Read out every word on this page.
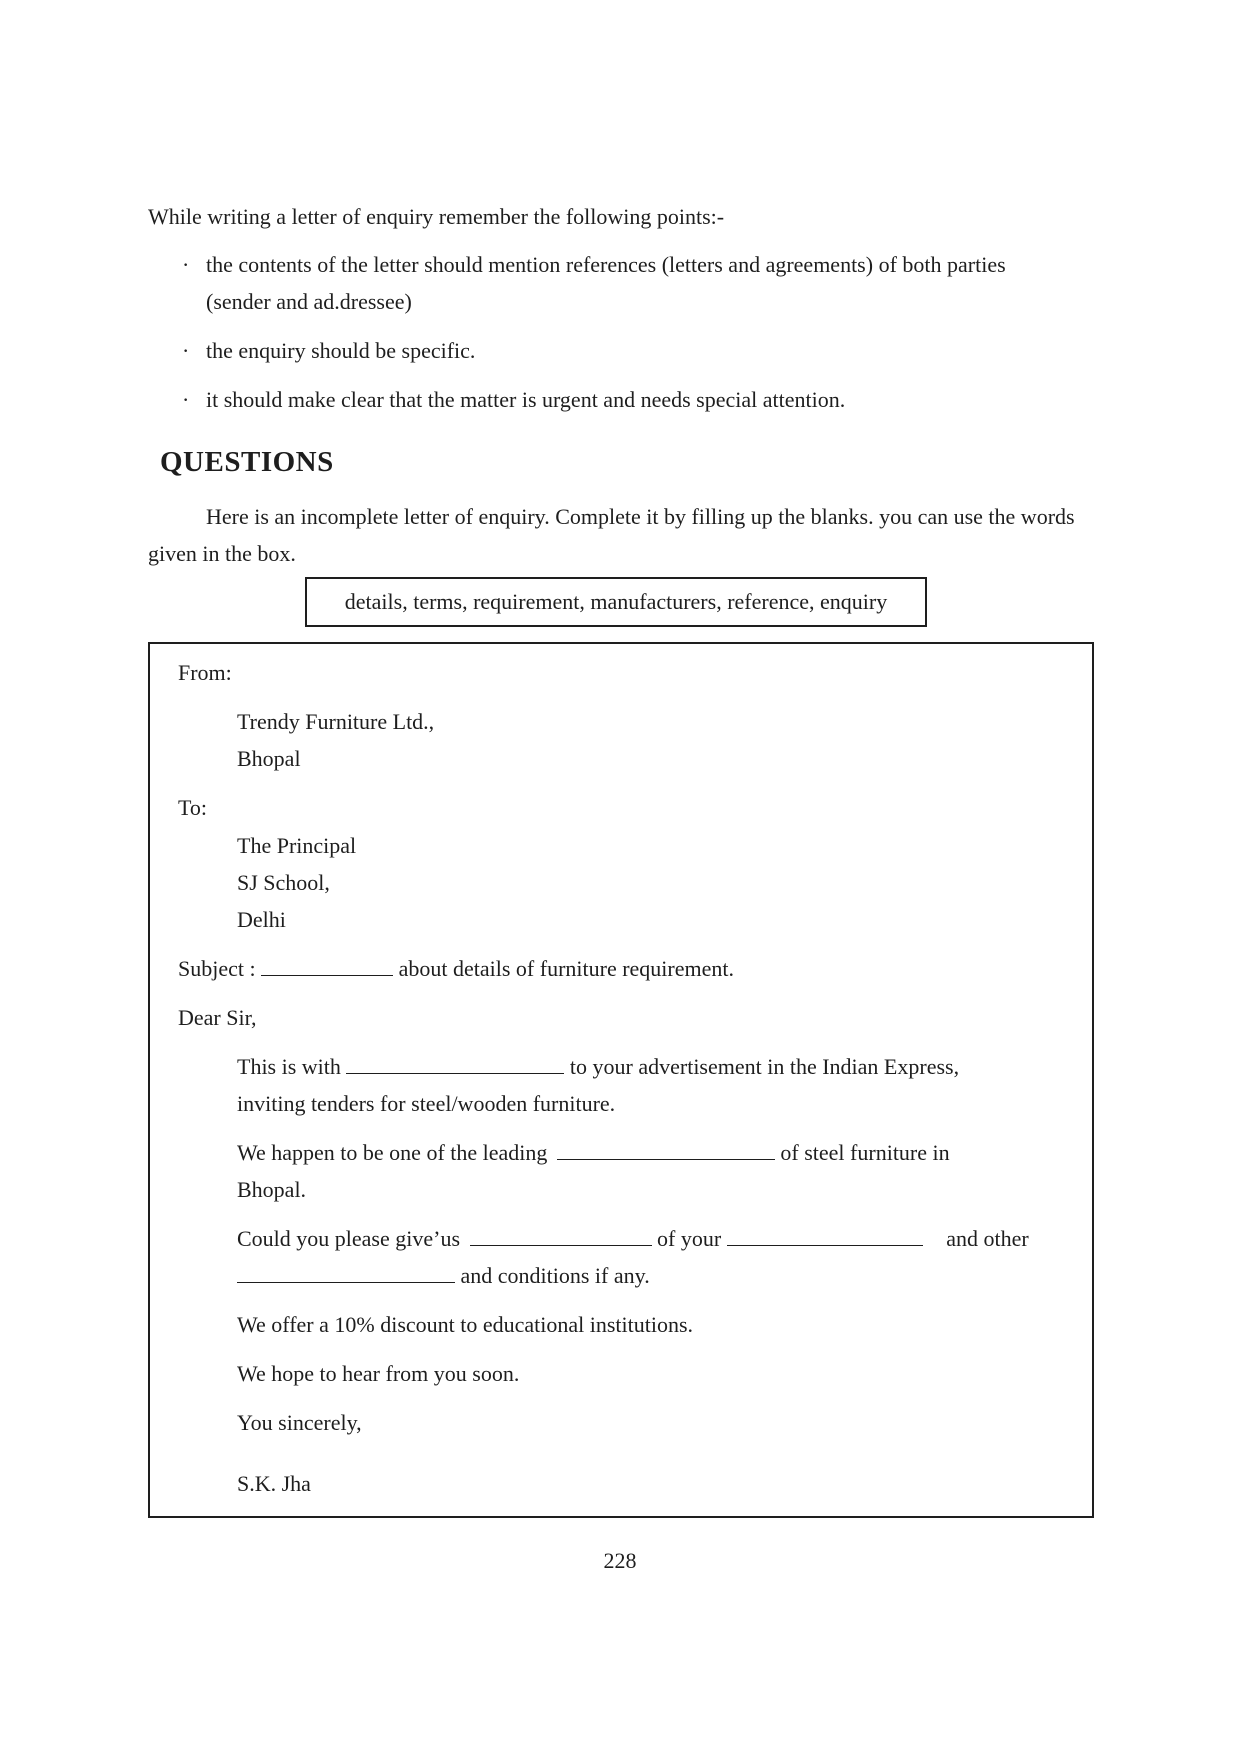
While writing a letter of enquiry remember the following points:-
· the contents of the letter should mention references (letters and agreements) of both parties
(sender and ad.dressee)
· the enquiry should be specific.
· it should make clear that the matter is urgent and needs special attention.
QUESTIONS
Here is an incomplete letter of enquiry. Complete it by filling up the blanks. you can use the words given in the box.
details, terms, requirement, manufacturers, reference, enquiry
From:
Trendy Furniture Ltd.,
Bhopal
To:
The Principal
SJ School,
Delhi
Subject :	about details of furniture requirement.
Dear Sir,
This is with	to your advertisement in the Indian Express,
inviting tenders for steel/wooden furniture.
We happen to be one of the leading	of steel furniture in
Bhopal.
Could you please give’us	of your	and other
and conditions if any.
We offer a 10% discount to educational institutions.
We hope to hear from you soon.
You sincerely,
S.K. Jha
228
